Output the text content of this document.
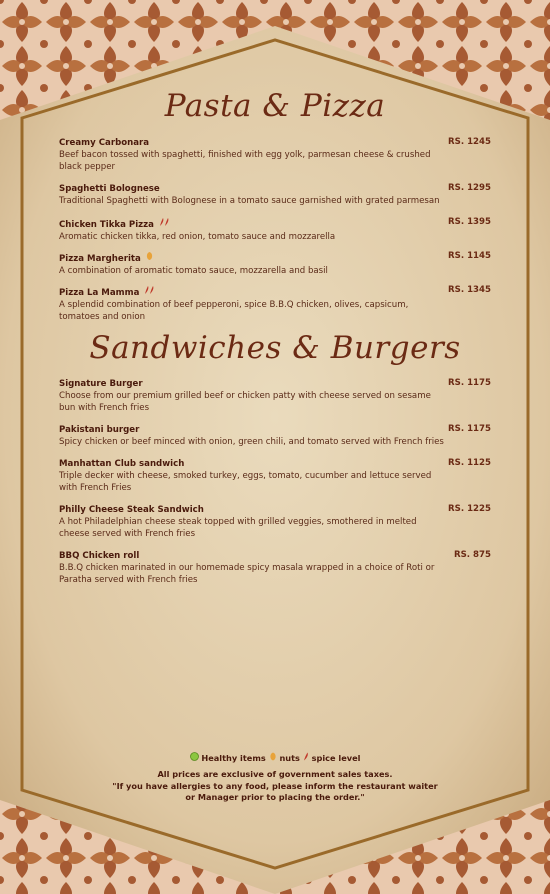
Pasta & Pizza
Creamy Carbonara	RS. 1245
Beef bacon tossed with spaghetti, finished with egg yolk, parmesan cheese & crushed black pepper
Spaghetti Bolognese	RS. 1295
Traditional Spaghetti with Bolognese in a tomato sauce garnished with grated parmesan
Chicken Tikka Pizza	RS. 1395
Aromatic chicken tikka, red onion, tomato sauce and mozzarella
Pizza Margherita	RS. 1145
A combination of aromatic tomato sauce, mozzarella and basil
Pizza La Mamma	RS. 1345
A splendid combination of beef pepperoni, spice B.B.Q chicken, olives, capsicum, tomatoes and onion
Sandwiches & Burgers
Signature Burger	RS. 1175
Choose from our premium grilled beef or chicken patty with cheese served on sesame bun with French fries
Pakistani burger	RS. 1175
Spicy chicken or beef minced with onion, green chili, and tomato served with French fries
Manhattan Club sandwich	RS. 1125
Triple decker with cheese, smoked turkey, eggs, tomato, cucumber and lettuce served with French Fries
Philly Cheese Steak Sandwich	RS. 1225
A hot Philadelphian cheese steak topped with grilled veggies, smothered in melted cheese served with French fries
BBQ Chicken roll	RS. 875
B.B.Q chicken marinated in our homemade spicy masala wrapped in a choice of Roti or Paratha served with French fries
Healthy items nuts spice level
All prices are exclusive of government sales taxes.
"If you have allergies to any food, please inform the restaurant waiter
or Manager prior to placing the order."
